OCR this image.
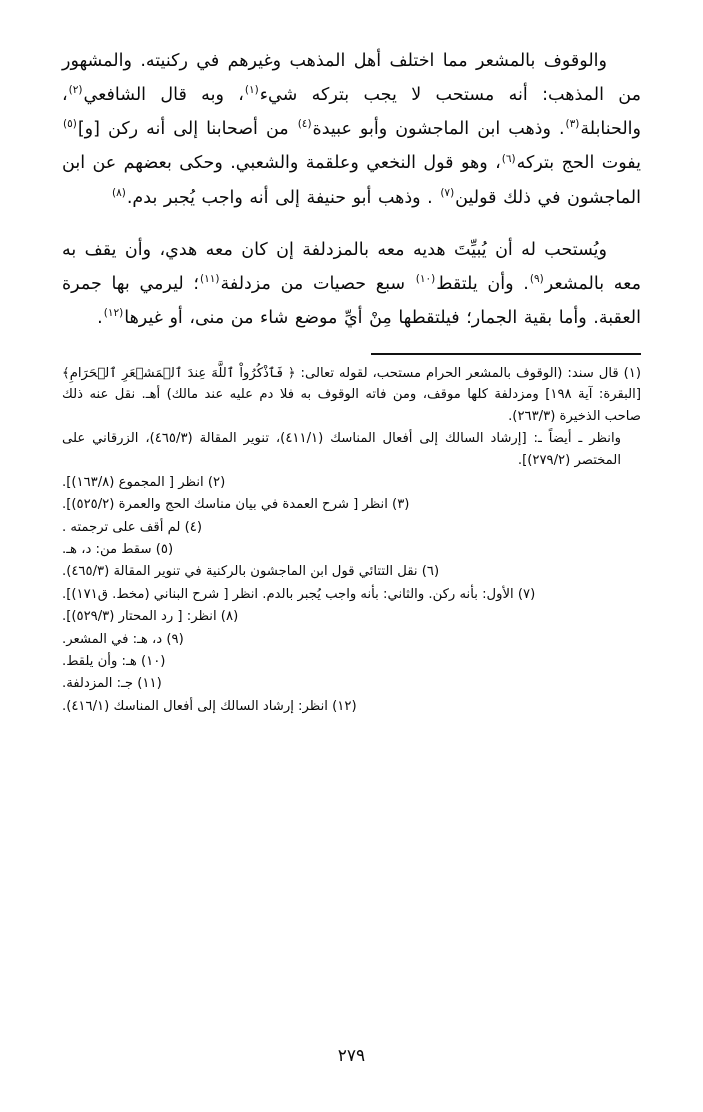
والوقوف بالمشعر مما اختلف أهل المذهب وغيرهم في ركنيته. والمشهور من المذهب: أنه مستحب لا يجب بتركه شيء$^{(١)}$، وبه قال الشافعي$^{(٢)}$، والحنابلة$^{(٣)}$. وذهب ابن الماجشون وأبو عبيدة$^{(٤)}$ من أصحابنا إلى أنه ركن [و]$^{(٥)}$ يفوت الحج بتركه$^{(٦)}$، وهو قول النخعي وعلقمة والشعبي. وحكى بعضهم عن ابن الماجشون في ذلك قولين$^{(٧)}$ . وذهب أبو حنيفة إلى أنه واجب يُجبر بدم.$^{(٨)}$

ويُستحب له أن يُبيِّتَ هديه معه بالمزدلفة إن كان معه هدي، وأن يقف به معه بالمشعر$^{(٩)}$. وأن يلتقط$^{(١٠)}$ سبع حصيات من مزدلفة$^{(١١)}$؛ ليرمي بها جمرة العقبة. وأما بقية الجمار؛ فيلتقطها مِنْ أيِّ موضع شاء من منى، أو غيرها$^{(١٢)}$.

(١) قال سند: (الوقوف بالمشعر الحرام مستحب، لقوله تعالى: ﴿ فَٱذْكُرُواْ ٱللَّهَ عِندَ ٱلۡمَشۡعَرِ ٱلۡحَرَامِ﴾ [البقرة: آية ١٩٨] ومزدلفة كلها موقف، ومن فاته الوقوف به فلا دم عليه عند مالك) أهـ. نقل عنه ذلك صاحب الذخيرة (٢٦٣/٣).

وانظر ـ أيضاً ـ: [إرشاد السالك إلى أفعال المناسك (٤١١/١)، تنوير المقالة (٤٦٥/٣)، الزرقاني على المختصر (٢٧٩/٢)].

(٢) انظر [ المجموع (١٦٣/٨)].

(٣) انظر [ شرح العمدة في بيان مناسك الحج والعمرة (٥٢٥/٢)].

(٤) لم أقف على ترجمته .

(٥) سقط من: د، هـ.

(٦) نقل التتائي قول ابن الماجشون بالركنية في تنوير المقالة (٤٦٥/٣).

(٧) الأول: بأنه ركن. والثاني: بأنه واجب يُجبر بالدم. انظر [ شرح البناني (مخط. ق١٧١)].

(٨) انظر: [ رد المحتار (٥٢٩/٣)].

(٩) د، هـ: في المشعر.

(١٠) هـ: وأن يلقط.

(١١) جـ: المزدلفة.

(١٢) انظر: إرشاد السالك إلى أفعال المناسك (٤١٦/١).

٢٧٩
